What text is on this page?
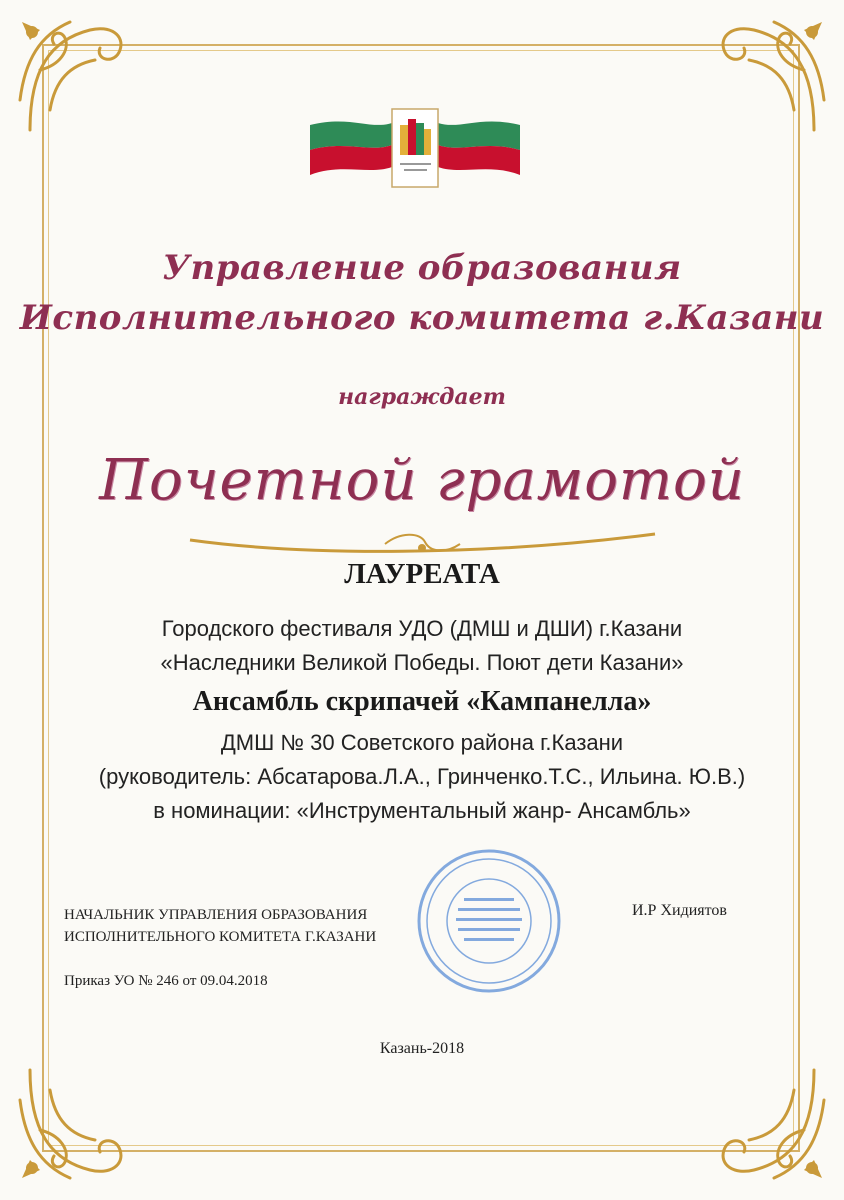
Управление образования
Исполнительного комитета г.Казани
награждает
Почетной грамотой
ЛАУРЕАТА
Городского фестиваля УДО (ДМШ и ДШИ) г.Казани
«Наследники Великой Победы. Поют дети Казани»
Ансамбль скрипачей «Кампанелла»
ДМШ № 30 Советского района г.Казани
(руководитель: Абсатарова.Л.А., Гринченко.Т.С., Ильина. Ю.В.)
в номинации: «Инструментальный жанр- Ансамбль»
НАЧАЛЬНИК УПРАВЛЕНИЯ ОБРАЗОВАНИЯ
ИСПОЛНИТЕЛЬНОГО КОМИТЕТА Г.КАЗАНИ
И.Р Хидиятов
Приказ УО № 246 от 09.04.2018
Казань-2018
